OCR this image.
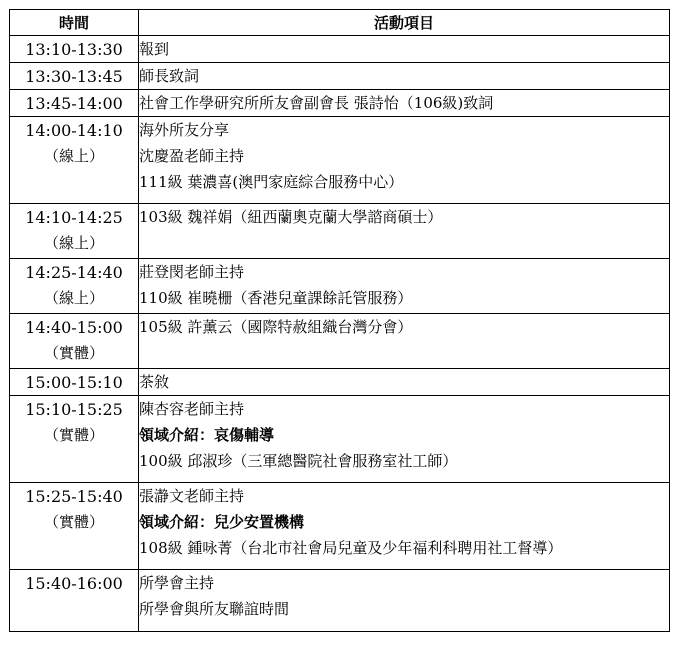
時間	活動項目

13:10-13:30	報到

13:30-13:45	師長致詞

13:45-14:00	社會工作學研究所所友會副會長 張詩怡（106級)致詞

14:00-14:10
（線上）	海外所友分享
沈慶盈老師主持
111級 葉濃喜(澳門家庭綜合服務中心）

14:10-14:25
（線上）	103級 魏祥娟（紐西蘭奧克蘭大學諮商碩士）

14:25-14:40
（線上）	莊登閔老師主持
110級 崔曉栅（香港兒童課餘託管服務）

14:40-15:00
（實體）	105級 許薰云（國際特赦組織台灣分會）

15:00-15:10	茶敘

15:10-15:25
（實體）	陳杏容老師主持
領域介紹：哀傷輔導
100級 邱淑珍（三軍總醫院社會服務室社工師）

15:25-15:40
（實體）	張瀞文老師主持
領域介紹：兒少安置機構
108級 鍾咏菁（台北市社會局兒童及少年福利科聘用社工督導）

15:40-16:00	所學會主持
所學會與所友聯誼時間
